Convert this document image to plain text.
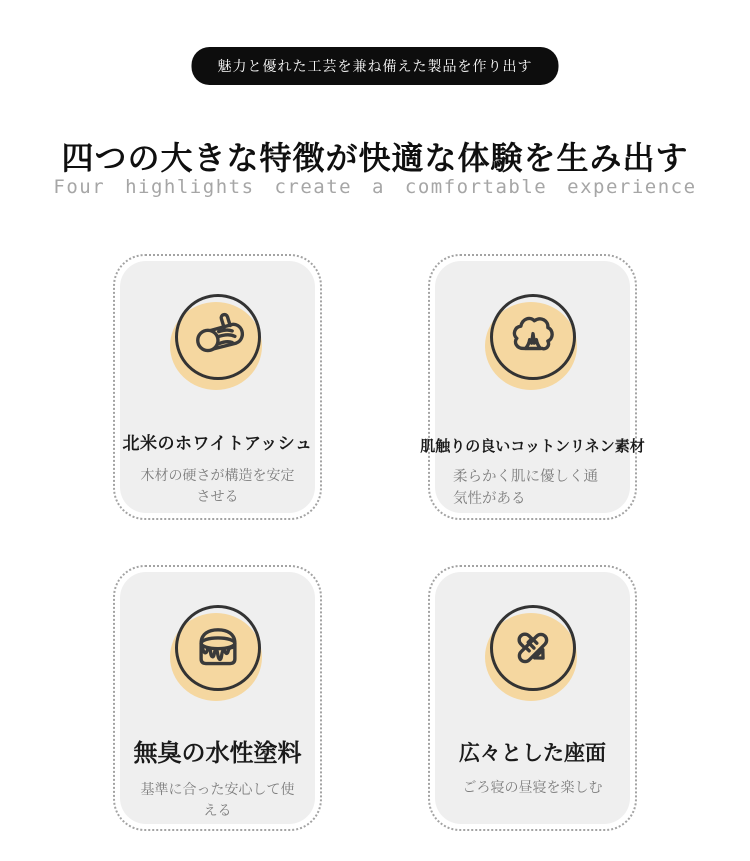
魅力と優れた工芸を兼ね備えた製品を作り出す
四つの大きな特徴が快適な体験を生み出す
Four highlights create a comfortable experience
北米のホワイトアッシュ
木材の硬さが構造を安定させる
肌触りの良いコットンリネン素材
柔らかく肌に優しく通気性がある
無臭の水性塗料
基準に合った安心して使える
広々とした座面
ごろ寝の昼寝を楽しむ
